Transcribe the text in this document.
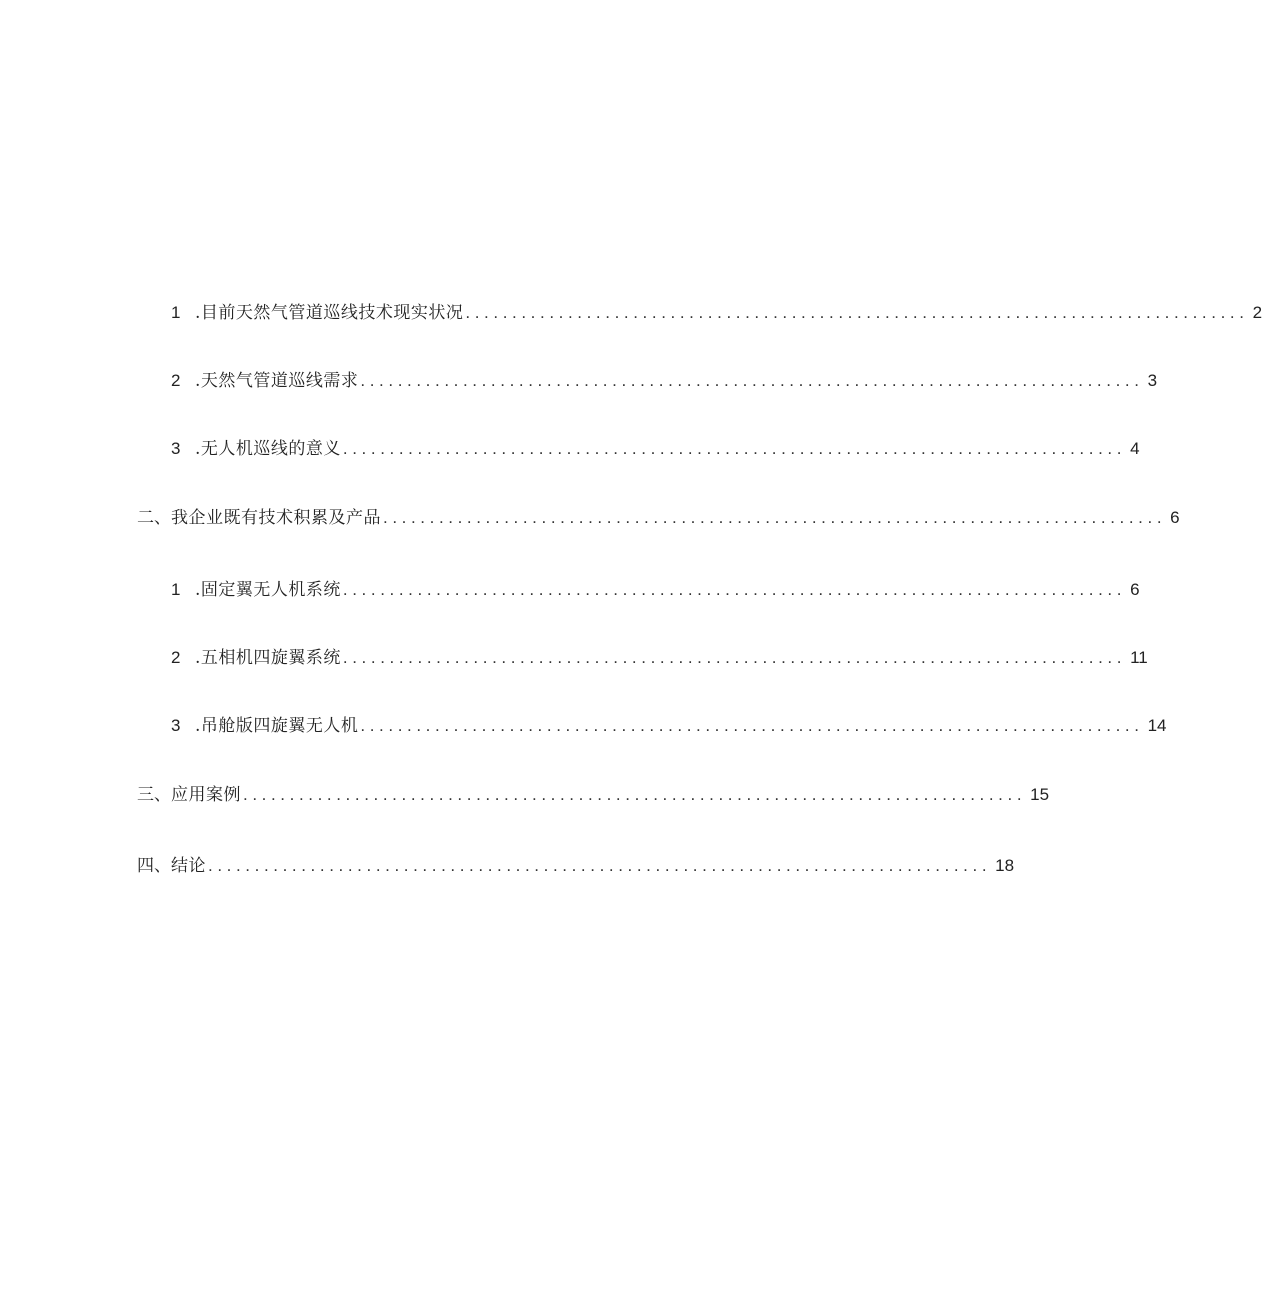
1 .目前天然气管道巡线技术现实状况 .................................................................................... 2
2 .天然气管道巡线需求 .................................................................................... 3
3 .无人机巡线的意义 .................................................................................... 4
二、 我企业既有技术积累及产品 .................................................................................... 6
1 .固定翼无人机系统 .................................................................................... 6
2 .五相机四旋翼系统 .................................................................................... 11
3 .吊舱版四旋翼无人机 .................................................................................... 14
三、 应用案例 .................................................................................... 15
四、 结论 .................................................................................... 18
